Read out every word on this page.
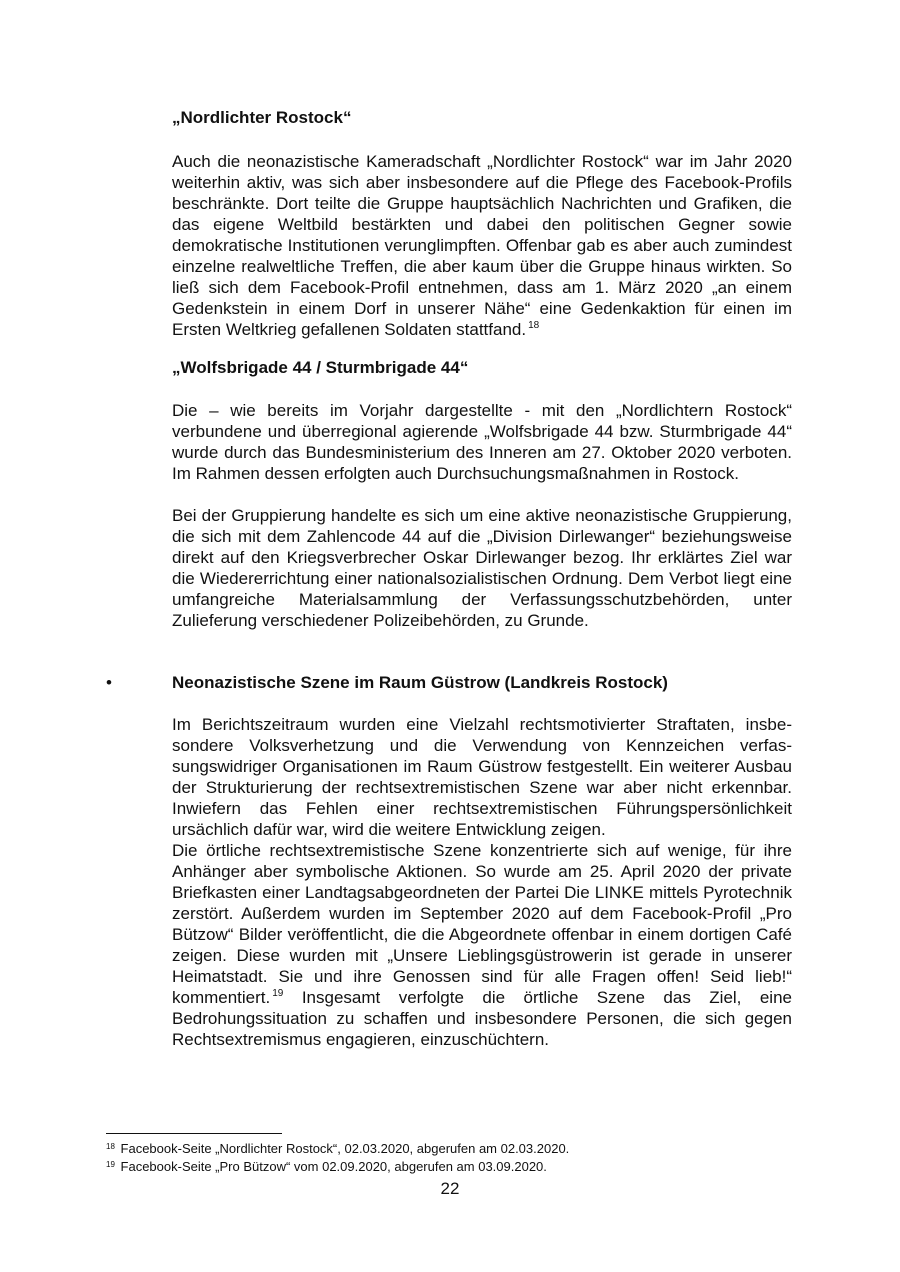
„Nordlichter Rostock“

Auch die neonazistische Kameradschaft „Nordlichter Rostock“ war im Jahr 2020 weiterhin aktiv, was sich aber insbesondere auf die Pflege des Facebook-Profils beschränkte. Dort teilte die Gruppe hauptsächlich Nachrichten und Grafiken, die das eigene Weltbild bestärkten und dabei den politischen Gegner sowie demokratische Institutionen verunglimpften. Offenbar gab es aber auch zumindest einzelne realweltliche Treffen, die aber kaum über die Gruppe hinaus wirkten. So ließ sich dem Facebook-Profil entnehmen, dass am 1. März 2020 „an einem Gedenkstein in einem Dorf in unserer Nähe“ eine Gedenkaktion für einen im Ersten Weltkrieg gefallenen Soldaten stattfand. $^{18}$

„Wolfsbrigade 44 / Sturmbrigade 44“

Die – wie bereits im Vorjahr dargestellte - mit den „Nordlichtern Rostock“ verbundene und überregional agierende „Wolfsbrigade 44 bzw. Sturmbrigade 44“ wurde durch das Bundesministerium des Inneren am 27. Oktober 2020 verboten. Im Rahmen dessen erfolgten auch Durchsuchungsmaßnahmen in Rostock.

Bei der Gruppierung handelte es sich um eine aktive neonazistische Gruppierung, die sich mit dem Zahlencode 44 auf die „Division Dirlewanger“ beziehungsweise direkt auf den Kriegsverbrecher Oskar Dirlewanger bezog. Ihr erklärtes Ziel war die Wiedererrichtung einer nationalsozialistischen Ordnung. Dem Verbot liegt eine umfangreiche Materialsammlung der Verfassungsschutzbehörden, unter Zulieferung verschiedener Polizeibehörden, zu Grunde.

•	Neonazistische Szene im Raum Güstrow (Landkreis Rostock)

Im Berichtszeitraum wurden eine Vielzahl rechtsmotivierter Straftaten, insbesondere Volksverhetzung und die Verwendung von Kennzeichen verfassungswidriger Organisationen im Raum Güstrow festgestellt. Ein weiterer Ausbau der Strukturierung der rechtsextremistischen Szene war aber nicht erkennbar. Inwiefern das Fehlen einer rechtsextremistischen Führungspersönlichkeit ursächlich dafür war, wird die weitere Entwicklung zeigen.

Die örtliche rechtsextremistische Szene konzentrierte sich auf wenige, für ihre Anhänger aber symbolische Aktionen. So wurde am 25. April 2020 der private Briefkasten einer Landtagsabgeordneten der Partei Die LINKE mittels Pyrotechnik zerstört. Außerdem wurden im September 2020 auf dem Facebook-Profil „Pro Bützow“ Bilder veröffentlicht, die die Abgeordnete offenbar in einem dortigen Café zeigen. Diese wurden mit „Unsere Lieblingsgüstrowerin ist gerade in unserer Heimatstadt. Sie und ihre Genossen sind für alle Fragen offen! Seid lieb!“ kommentiert. $^{19}$ Insgesamt verfolgte die örtliche Szene das Ziel, eine Bedrohungssituation zu schaffen und insbesondere Personen, die sich gegen Rechtsextremismus engagieren, einzuschüchtern.

$^{18}$ Facebook-Seite „Nordlichter Rostock“, 02.03.2020, abgerufen am 02.03.2020.
$^{19}$ Facebook-Seite „Pro Bützow“ vom 02.09.2020, abgerufen am 03.09.2020.
22
